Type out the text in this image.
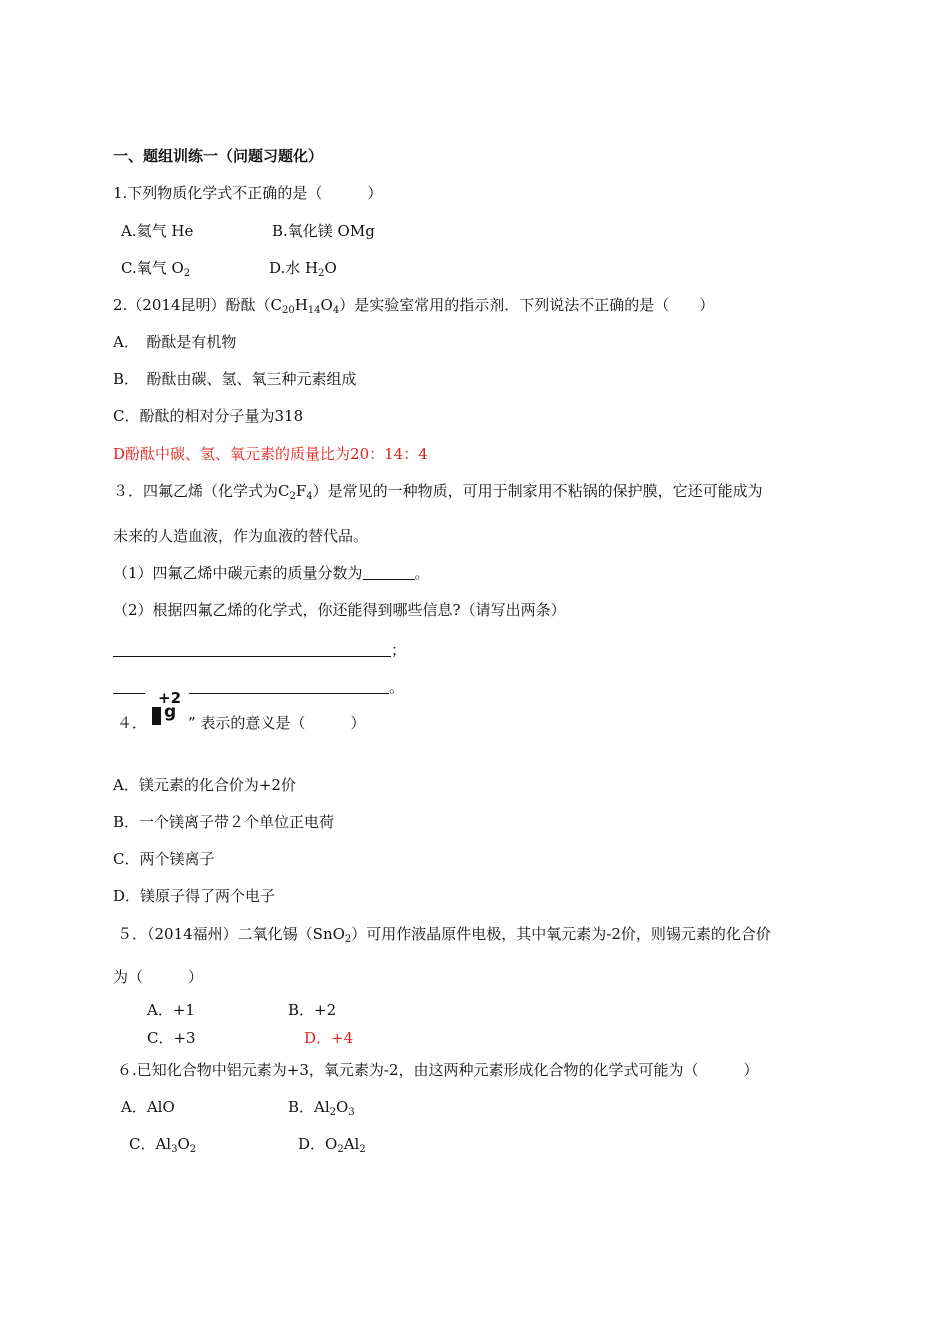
一、题组训练一（问题习题化）
1.下列物质化学式不正确的是（　　　）
A.氦气 He	B.氧化镁 OMg
C.氧气 $O_2$	D.水 $H_2O$
2.（2014昆明）酚酞$(C_{20}H_{14}O_4)$是实验室常用的指示剂．下列说法不正确的是（　　）
A．　酚酞是有机物
B．　酚酞由碳、氢、氧三种元素组成
C．酚酞的相对分子量为318
D酚酞中碳、氢、氧元素的质量比为20：14：4
３．四氟乙烯（化学式为$C_2F_4$）是常见的一种物质，可用于制家用不粘锅的保护膜，它还可能成为
未来的人造血液，作为血液的替代品。
（1）四氟乙烯中碳元素的质量分数为	。
（2）根据四氟乙烯的化学式，你还能得到哪些信息?（请写出两条）
；
。
+2
g
４．	” 表示的意义是（　　　）
A．镁元素的化合价为+2价
B．一个镁离子带２个单位正电荷
C．两个镁离子
D．镁原子得了两个电子
５．（2014福州）二氧化锡（SnO$_2$）可用作液晶原件电极，其中氧元素为-2价，则锡元素的化合价
为（　　　）
A．+1	B．+2
C．+3	D．+4
６.已知化合物中铝元素为+3，氧元素为-2，由这两种元素形成化合物的化学式可能为（　　　）
A．AlO	B．$Al_2O_3$
C．$Al_3O_2$	D．$O_2Al_2$
